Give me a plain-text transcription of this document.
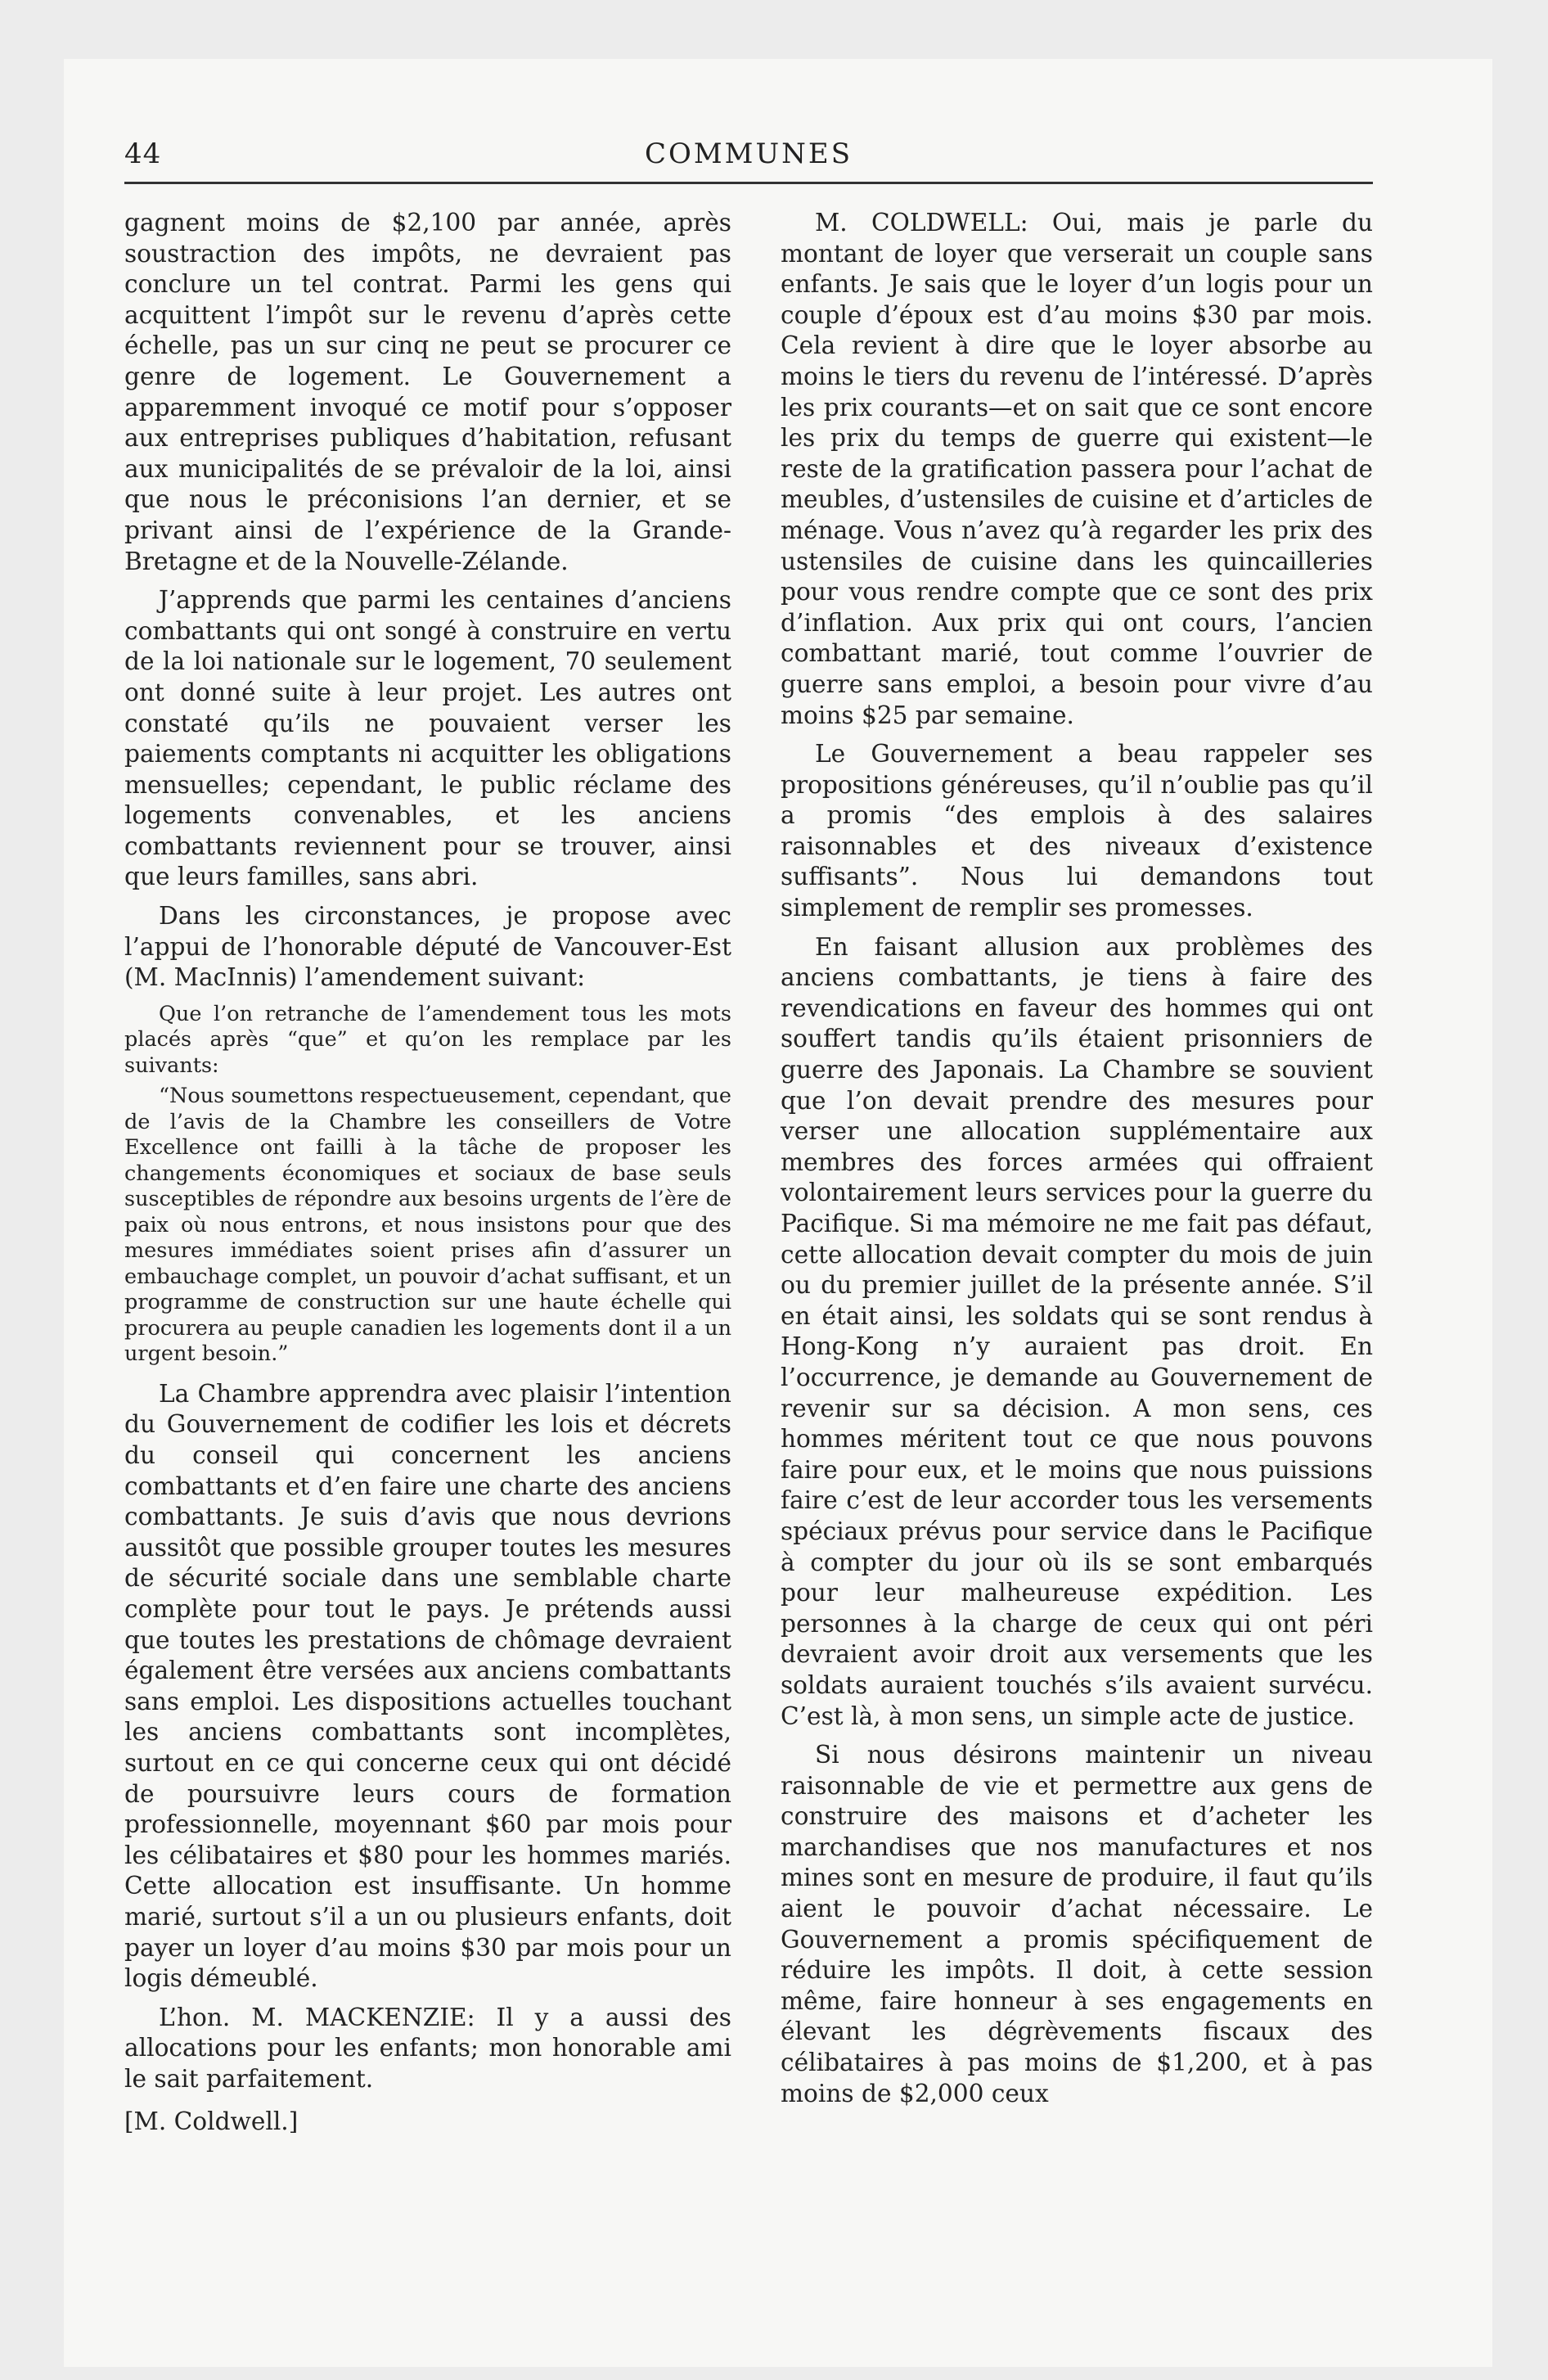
44	COMMUNES

gagnent moins de $2,100 par année, après soustraction des impôts, ne devraient pas conclure un tel contrat. Parmi les gens qui acquittent l’impôt sur le revenu d’après cette échelle, pas un sur cinq ne peut se procurer ce genre de logement. Le Gouvernement a apparemment invoqué ce motif pour s’opposer aux entreprises publiques d’habitation, refusant aux municipalités de se prévaloir de la loi, ainsi que nous le préconisions l’an dernier, et se privant ainsi de l’expérience de la Grande-Bretagne et de la Nouvelle-Zélande.

J’apprends que parmi les centaines d’anciens combattants qui ont songé à construire en vertu de la loi nationale sur le logement, 70 seulement ont donné suite à leur projet. Les autres ont constaté qu’ils ne pouvaient verser les paiements comptants ni acquitter les obligations mensuelles; cependant, le public réclame des logements convenables, et les anciens combattants reviennent pour se trouver, ainsi que leurs familles, sans abri.

Dans les circonstances, je propose avec l’appui de l’honorable député de Vancouver-Est (M. MacInnis) l’amendement suivant:

Que l’on retranche de l’amendement tous les mots placés après “que” et qu’on les remplace par les suivants:

“Nous soumettons respectueusement, cependant, que de l’avis de la Chambre les conseillers de Votre Excellence ont failli à la tâche de proposer les changements économiques et sociaux de base seuls susceptibles de répondre aux besoins urgents de l’ère de paix où nous entrons, et nous insistons pour que des mesures immédiates soient prises afin d’assurer un embauchage complet, un pouvoir d’achat suffisant, et un programme de construction sur une haute échelle qui procurera au peuple canadien les logements dont il a un urgent besoin.”

La Chambre apprendra avec plaisir l’intention du Gouvernement de codifier les lois et décrets du conseil qui concernent les anciens combattants et d’en faire une charte des anciens combattants. Je suis d’avis que nous devrions aussitôt que possible grouper toutes les mesures de sécurité sociale dans une semblable charte complète pour tout le pays. Je prétends aussi que toutes les prestations de chômage devraient également être versées aux anciens combattants sans emploi. Les dispositions actuelles touchant les anciens combattants sont incomplètes, surtout en ce qui concerne ceux qui ont décidé de poursuivre leurs cours de formation professionnelle, moyennant $60 par mois pour les célibataires et $80 pour les hommes mariés. Cette allocation est insuffisante. Un homme marié, surtout s’il a un ou plusieurs enfants, doit payer un loyer d’au moins $30 par mois pour un logis démeublé.

L’hon. M. MACKENZIE: Il y a aussi des allocations pour les enfants; mon honorable ami le sait parfaitement.

[M. Coldwell.]

M. COLDWELL: Oui, mais je parle du montant de loyer que verserait un couple sans enfants. Je sais que le loyer d’un logis pour un couple d’époux est d’au moins $30 par mois. Cela revient à dire que le loyer absorbe au moins le tiers du revenu de l’intéressé. D’après les prix courants—et on sait que ce sont encore les prix du temps de guerre qui existent—le reste de la gratification passera pour l’achat de meubles, d’ustensiles de cuisine et d’articles de ménage. Vous n’avez qu’à regarder les prix des ustensiles de cuisine dans les quincailleries pour vous rendre compte que ce sont des prix d’inflation. Aux prix qui ont cours, l’ancien combattant marié, tout comme l’ouvrier de guerre sans emploi, a besoin pour vivre d’au moins $25 par semaine.

Le Gouvernement a beau rappeler ses propositions généreuses, qu’il n’oublie pas qu’il a promis “des emplois à des salaires raisonnables et des niveaux d’existence suffisants”. Nous lui demandons tout simplement de remplir ses promesses.

En faisant allusion aux problèmes des anciens combattants, je tiens à faire des revendications en faveur des hommes qui ont souffert tandis qu’ils étaient prisonniers de guerre des Japonais. La Chambre se souvient que l’on devait prendre des mesures pour verser une allocation supplémentaire aux membres des forces armées qui offraient volontairement leurs services pour la guerre du Pacifique. Si ma mémoire ne me fait pas défaut, cette allocation devait compter du mois de juin ou du premier juillet de la présente année. S’il en était ainsi, les soldats qui se sont rendus à Hong-Kong n’y auraient pas droit. En l’occurrence, je demande au Gouvernement de revenir sur sa décision. A mon sens, ces hommes méritent tout ce que nous pouvons faire pour eux, et le moins que nous puissions faire c’est de leur accorder tous les versements spéciaux prévus pour service dans le Pacifique à compter du jour où ils se sont embarqués pour leur malheureuse expédition. Les personnes à la charge de ceux qui ont péri devraient avoir droit aux versements que les soldats auraient touchés s’ils avaient survécu. C’est là, à mon sens, un simple acte de justice.

Si nous désirons maintenir un niveau raisonnable de vie et permettre aux gens de construire des maisons et d’acheter les marchandises que nos manufactures et nos mines sont en mesure de produire, il faut qu’ils aient le pouvoir d’achat nécessaire. Le Gouvernement a promis spécifiquement de réduire les impôts. Il doit, à cette session même, faire honneur à ses engagements en élevant les dégrèvements fiscaux des célibataires à pas moins de $1,200, et à pas moins de $2,000 ceux
